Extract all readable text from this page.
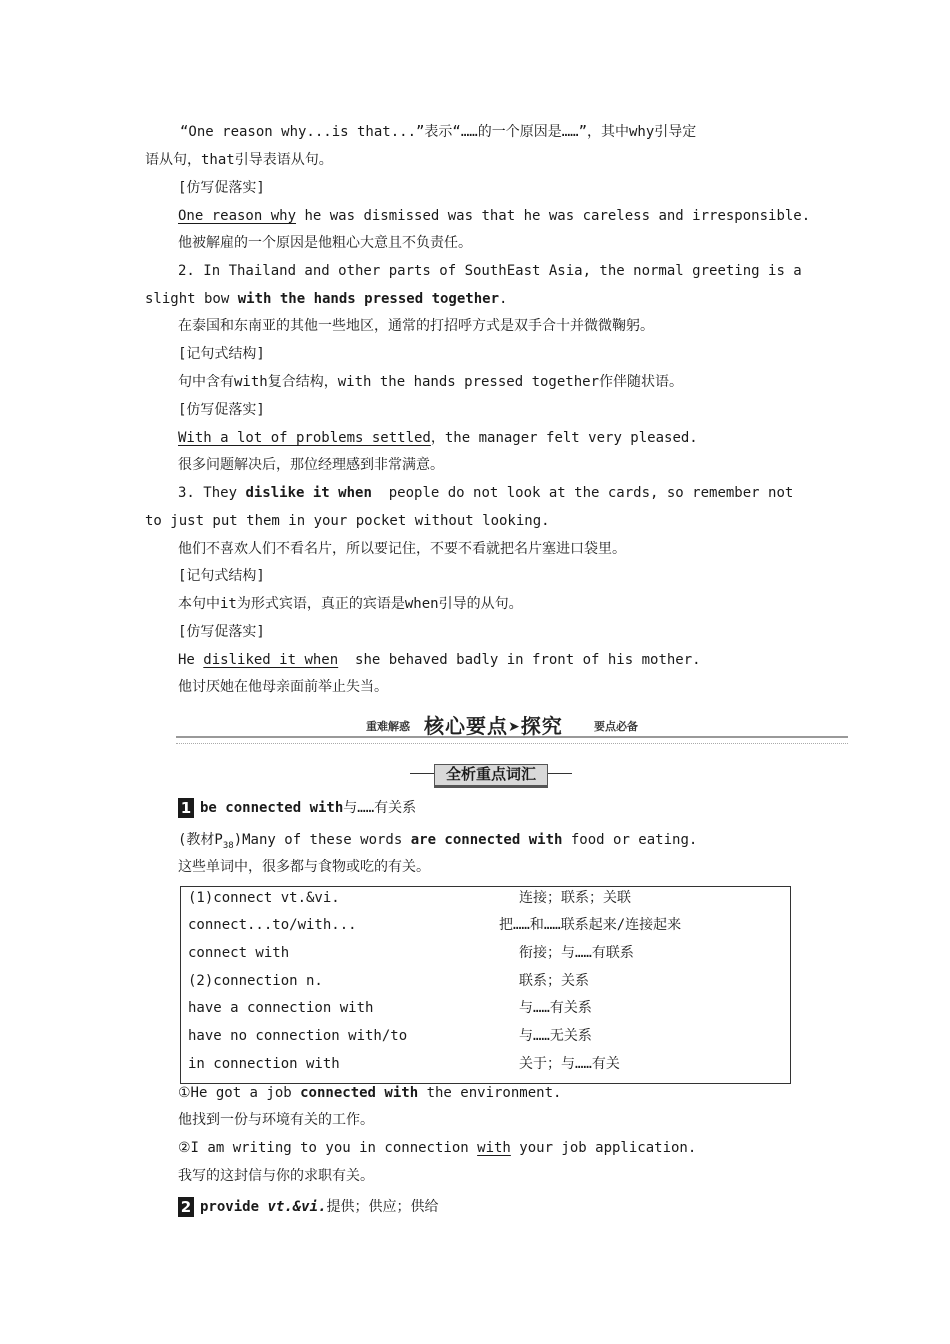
“One reason why...is that...”表示“……的一个原因是……”，其中why引导定
语从句，that引导表语从句。
[仿写促落实]
One reason why he was dismissed was that he was careless and irresponsible.
他被解雇的一个原因是他粗心大意且不负责任。
2. In Thailand and other parts of SouthEast Asia, the normal greeting is a
slight bow with the hands pressed together.
在泰国和东南亚的其他一些地区，通常的打招呼方式是双手合十并微微鞠躬。
[记句式结构]
句中含有with复合结构，with the hands pressed together作伴随状语。
[仿写促落实]
With a lot of problems settled，the manager felt very pleased.
很多问题解决后，那位经理感到非常满意。
3. They dislike it when  people do not look at the cards, so remember not
to just put them in your pocket without looking.
他们不喜欢人们不看名片，所以要记住，不要不看就把名片塞进口袋里。
[记句式结构]
本句中it为形式宾语，真正的宾语是when引导的从句。
[仿写促落实]
He disliked it when  she behaved badly in front of his mother.
他讨厌她在他母亲面前举止失当。
重难解惑 核心要点➤探究	要点必备
全析重点词汇
1 be connected with与……有关系
(教材$P_{38})Many$ of these words are connected with food or eating.
这些单词中，很多都与食物或吃的有关。
(1)connect vt.&vi.	连接；联系；关联
connect...to/with...	把……和……联系起来/连接起来
connect with	衔接；与……有联系
(2)connection n.	联系；关系
have a connection with	与……有关系
have no connection with/to	与……无关系
in connection with	关于；与……有关
①He got a job connected with the environment.
他找到一份与环境有关的工作。
②I am writing to you in connection with your job application.
我写的这封信与你的求职有关。
2 provide vt.&vi.提供；供应；供给
